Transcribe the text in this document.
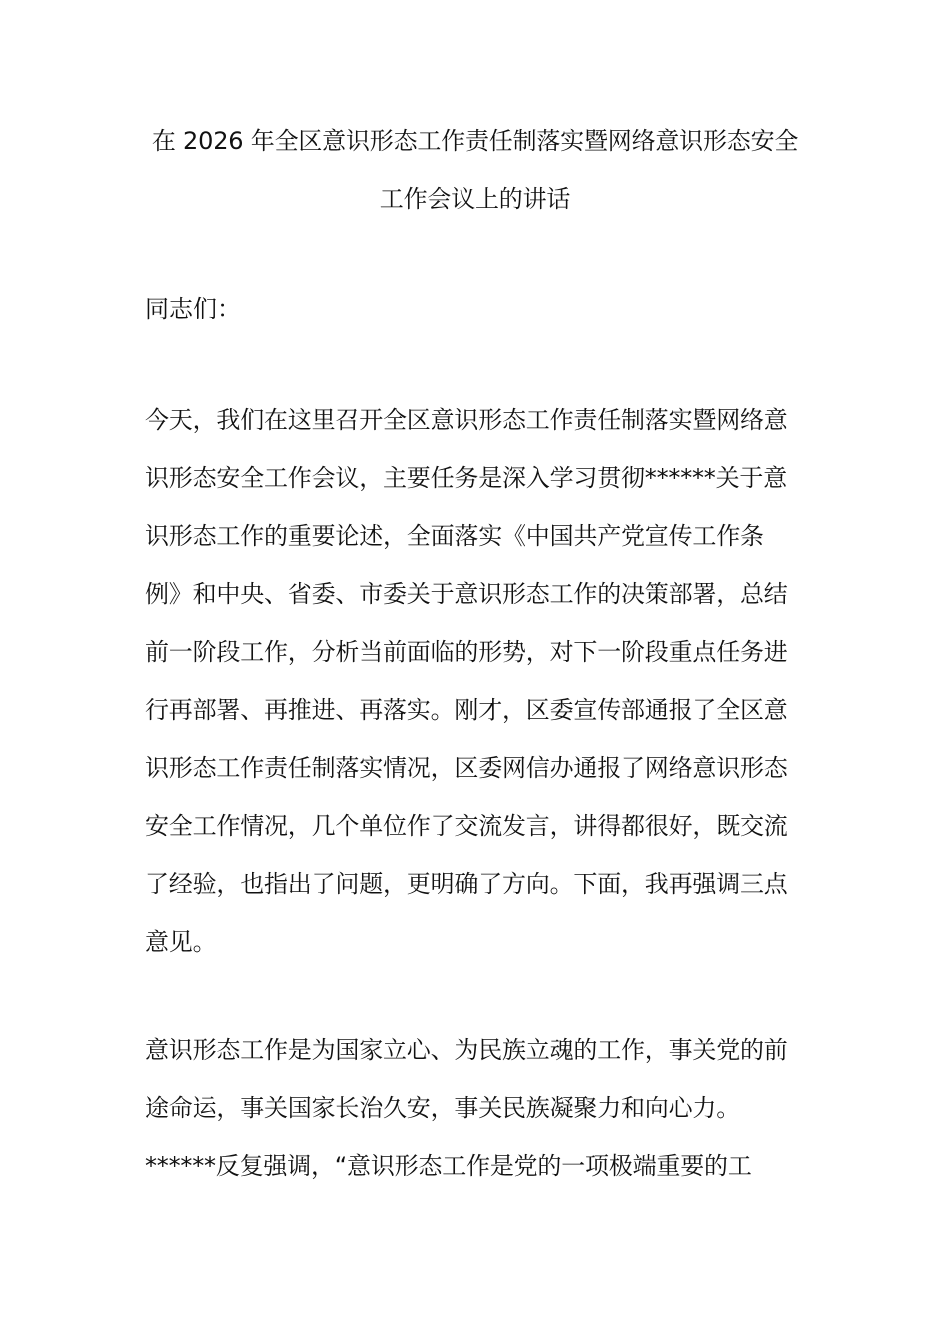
在 2026 年全区意识形态工作责任制落实暨网络意识形态安全
工作会议上的讲话
同志们：
今天，我们在这里召开全区意识形态工作责任制落实暨网络意
识形态安全工作会议，主要任务是深入学习贯彻******关于意
识形态工作的重要论述，全面落实《中国共产党宣传工作条
例》和中央、省委、市委关于意识形态工作的决策部署，总结
前一阶段工作，分析当前面临的形势，对下一阶段重点任务进
行再部署、再推进、再落实。刚才，区委宣传部通报了全区意
识形态工作责任制落实情况，区委网信办通报了网络意识形态
安全工作情况，几个单位作了交流发言，讲得都很好，既交流
了经验，也指出了问题，更明确了方向。下面，我再强调三点
意见。
意识形态工作是为国家立心、为民族立魂的工作，事关党的前
途命运，事关国家长治久安，事关民族凝聚力和向心力。
******反复强调，“意识形态工作是党的一项极端重要的工
